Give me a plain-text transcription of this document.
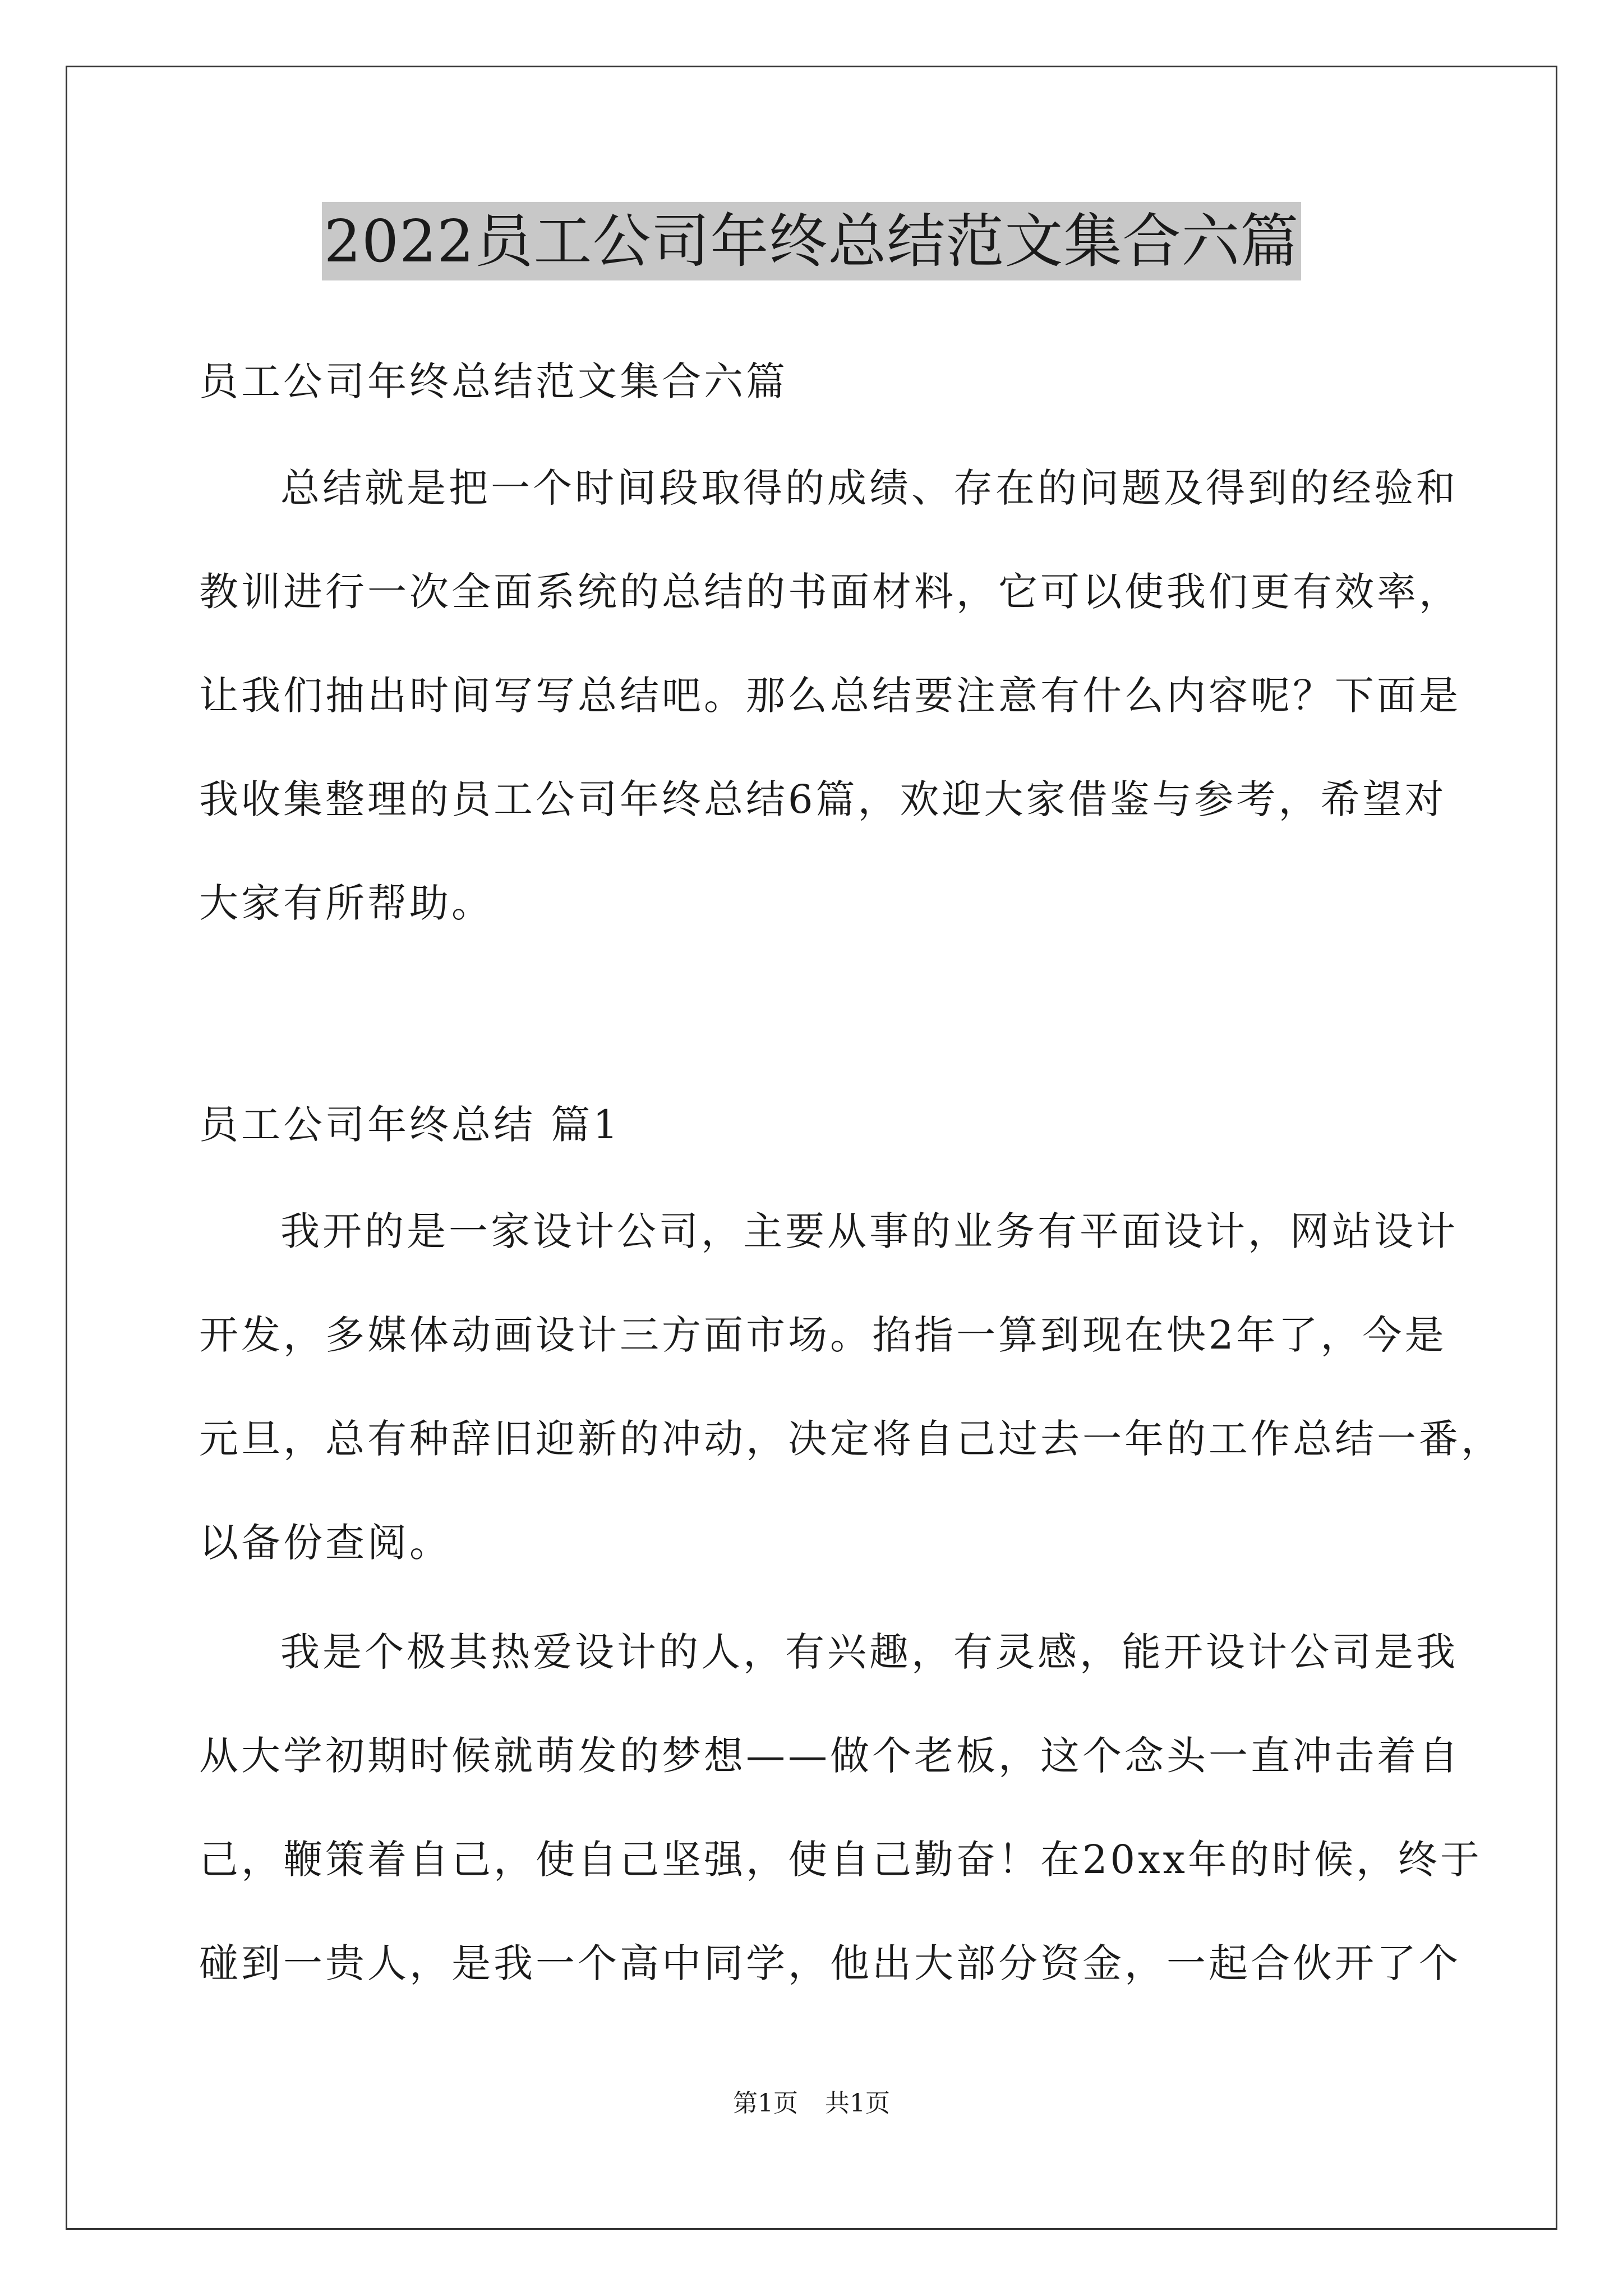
2022员工公司年终总结范文集合六篇
员工公司年终总结范文集合六篇
总结就是把一个时间段取得的成绩、存在的问题及得到的经验和
教训进行一次全面系统的总结的书面材料，它可以使我们更有效率，
让我们抽出时间写写总结吧。那么总结要注意有什么内容呢？下面是
我收集整理的员工公司年终总结6篇，欢迎大家借鉴与参考，希望对
大家有所帮助。
员工公司年终总结 篇1
我开的是一家设计公司，主要从事的业务有平面设计，网站设计
开发，多媒体动画设计三方面市场。掐指一算到现在快2年了，今是
元旦，总有种辞旧迎新的冲动，决定将自己过去一年的工作总结一番，
以备份查阅。
我是个极其热爱设计的人，有兴趣，有灵感，能开设计公司是我
从大学初期时候就萌发的梦想——做个老板，这个念头一直冲击着自
己，鞭策着自己，使自己坚强，使自己勤奋！在20xx年的时候，终于
碰到一贵人，是我一个高中同学，他出大部分资金，一起合伙开了个
第1页 共1页
